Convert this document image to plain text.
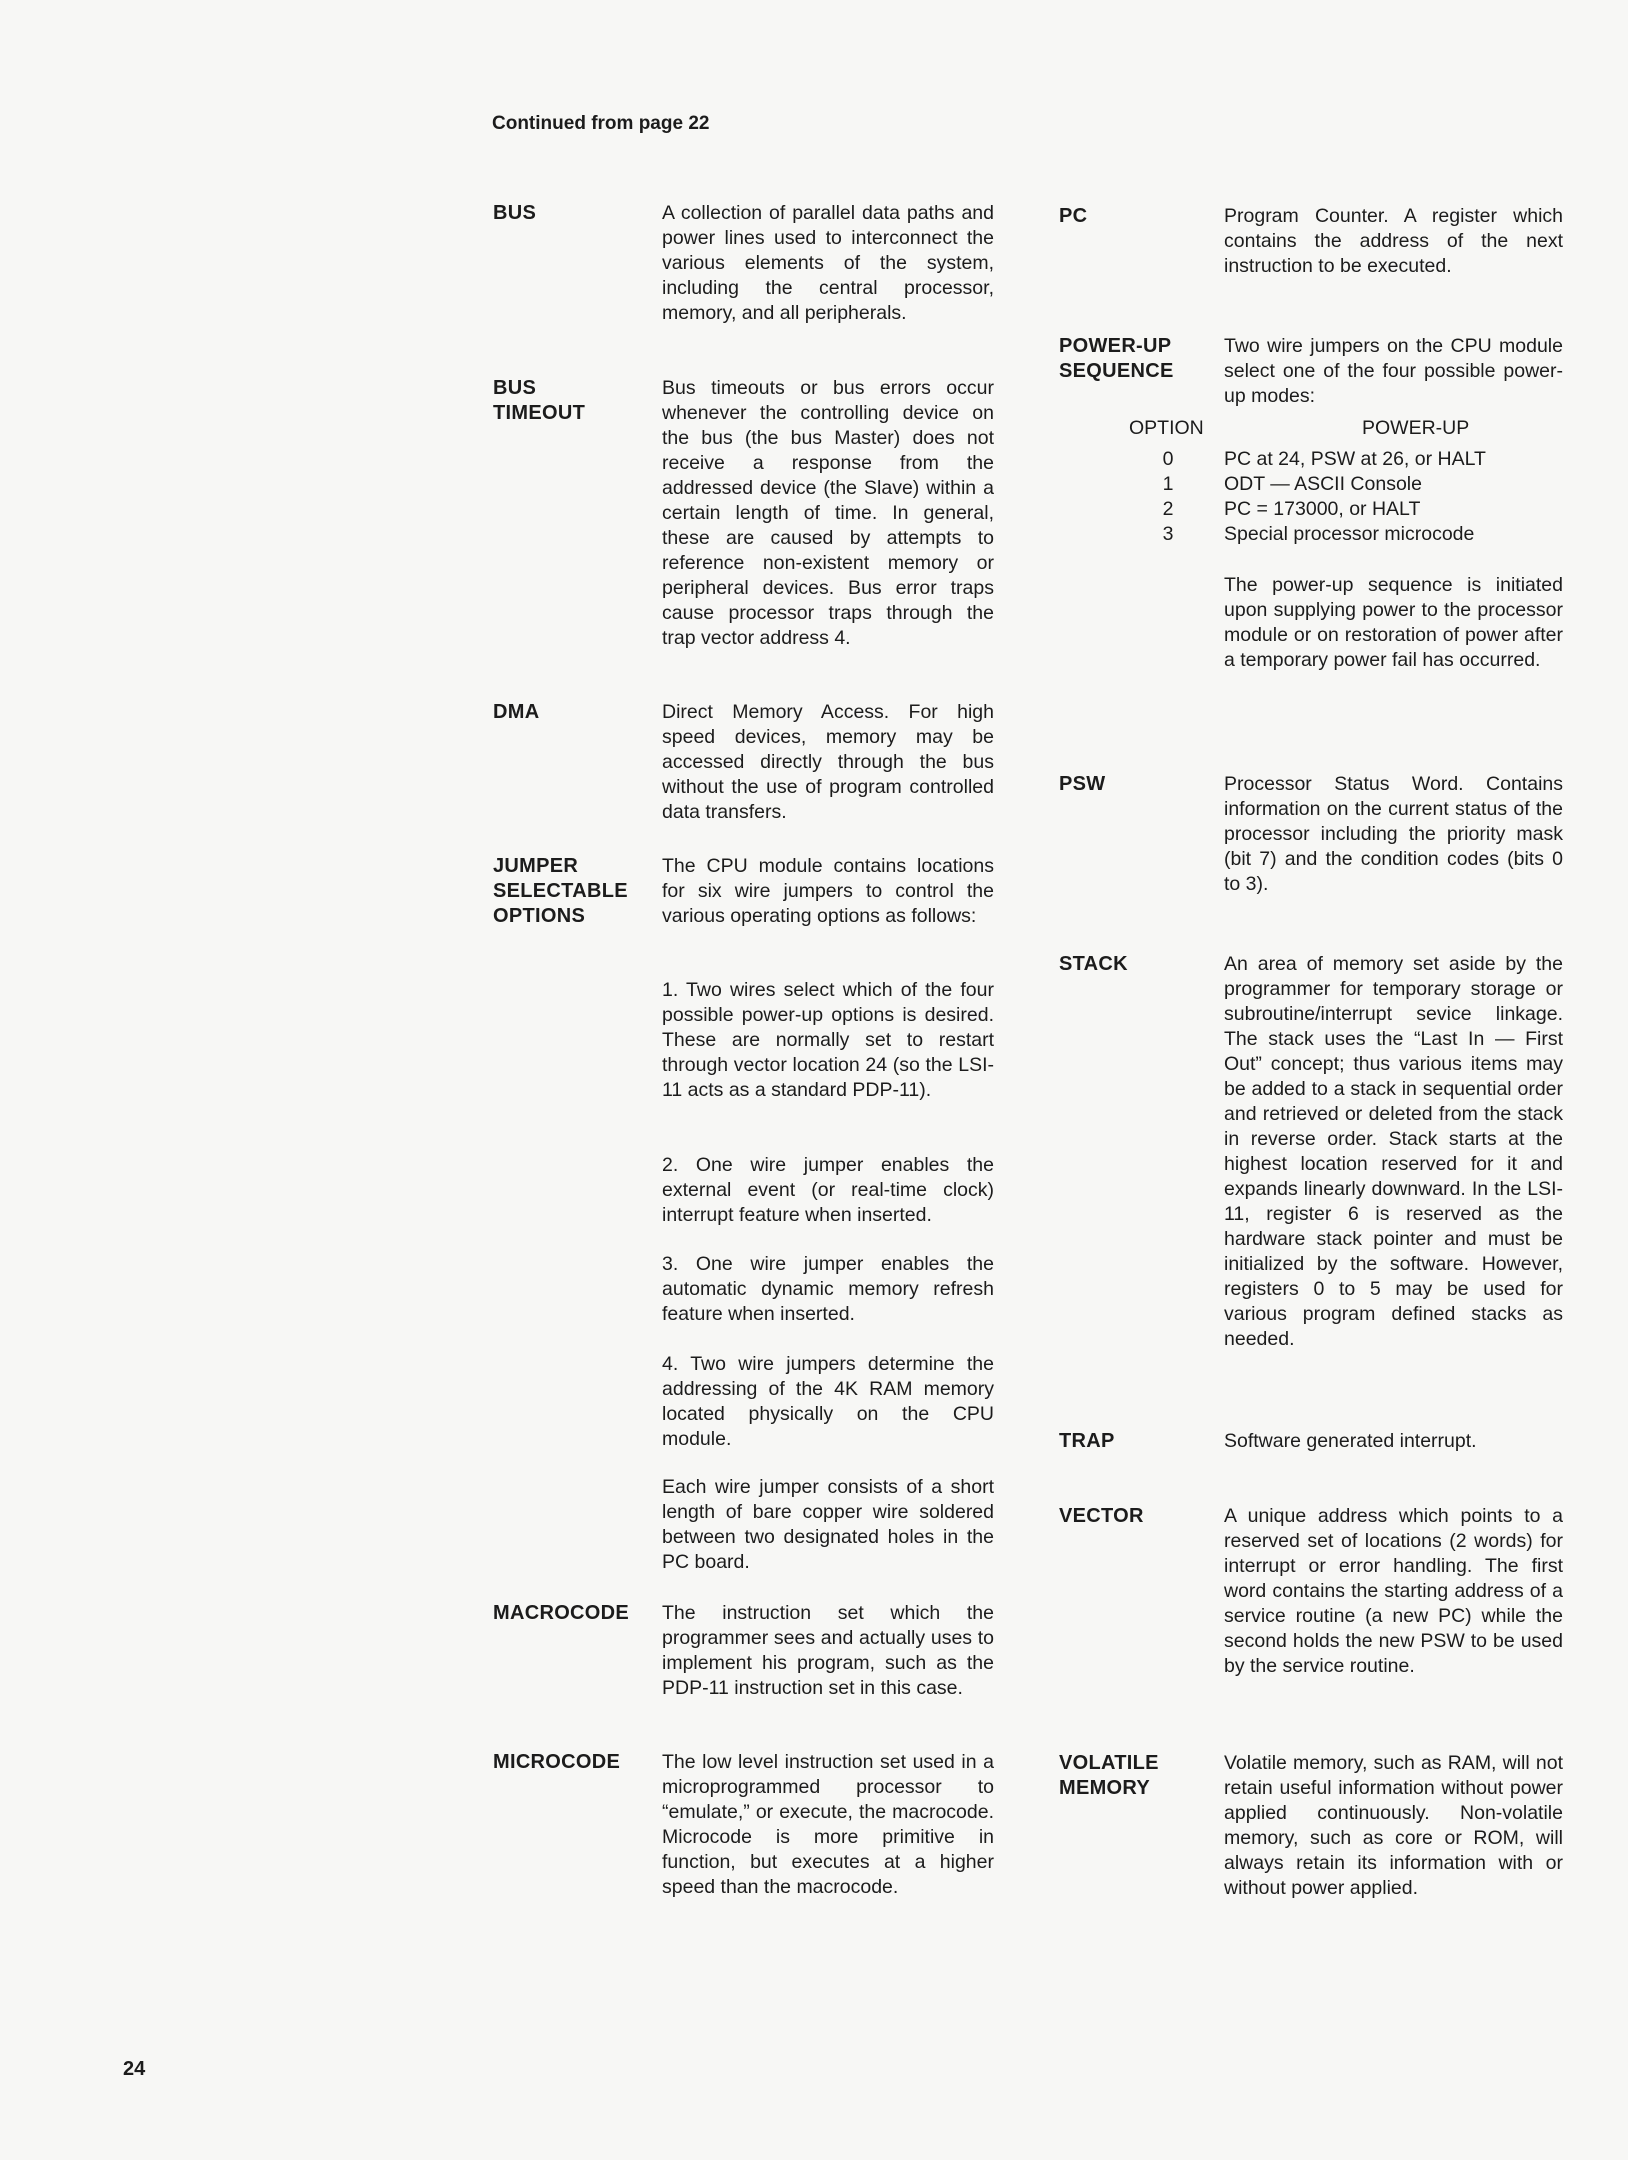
Continued from page 22
BUS	A collection of parallel data paths and power lines used to interconnect the various elements of the system, including the central processor, memory, and all peripherals.

BUS
TIMEOUT

Bus timeouts or bus errors occur whenever the controlling device on the bus (the bus Master) does not receive a response from the addressed device (the Slave) within a certain length of time. In general, these are caused by attempts to reference non-existent memory or peripheral devices. Bus error traps cause processor traps through the trap vector address 4.

DMA	Direct Memory Access. For high speed devices, memory may be accessed directly through the bus without the use of program controlled data transfers.

JUMPER
SELECTABLE
OPTIONS

The CPU module contains locations for six wire jumpers to control the various operating options as follows:

1. Two wires select which of the four possible power-up options is desired. These are normally set to restart through vector location 24 (so the LSI-11 acts as a standard PDP-11).

2. One wire jumper enables the external event (or real-time clock) interrupt feature when inserted.

3. One wire jumper enables the automatic dynamic memory refresh feature when inserted.

4. Two wire jumpers determine the addressing of the 4K RAM memory located physically on the CPU module.

Each wire jumper consists of a short length of bare copper wire soldered between two designated holes in the PC board.

MACROCODE The instruction set which the programmer sees and actually uses to implement his program, such as the PDP-11 instruction set in this case.

MICROCODE The low level instruction set used in a microprogrammed processor to “emulate,” or execute, the macrocode. Microcode is more primitive in function, but executes at a higher speed than the macrocode.

PC	Program Counter. A register which contains the address of the next instruction to be executed.

POWER-UP
SEQUENCE

Two wire jumpers on the CPU module select one of the four possible power-up modes:

OPTION	POWER-UP
0	PC at 24, PSW at 26, or HALT
1	ODT — ASCII Console
2	PC = 173000, or HALT
3	Special processor microcode

The power-up sequence is initiated upon supplying power to the processor module or on restoration of power after a temporary power fail has occurred.

PSW	Processor Status Word. Contains information on the current status of the processor including the priority mask (bit 7) and the condition codes (bits 0 to 3).

STACK	An area of memory set aside by the programmer for temporary storage or subroutine/interrupt sevice linkage. The stack uses the “Last In — First Out” concept; thus various items may be added to a stack in sequential order and retrieved or deleted from the stack in reverse order. Stack starts at the highest location reserved for it and expands linearly downward. In the LSI-11, register 6 is reserved as the hardware stack pointer and must be initialized by the software. However, registers 0 to 5 may be used for various program defined stacks as needed.

TRAP	Software generated interrupt.

VECTOR	A unique address which points to a reserved set of locations (2 words) for interrupt or error handling. The first word contains the starting address of a service routine (a new PC) while the second holds the new PSW to be used by the service routine.

VOLATILE
MEMORY

Volatile memory, such as RAM, will not retain useful information without power applied continuously. Non-volatile memory, such as core or ROM, will always retain its information with or without power applied.

24
